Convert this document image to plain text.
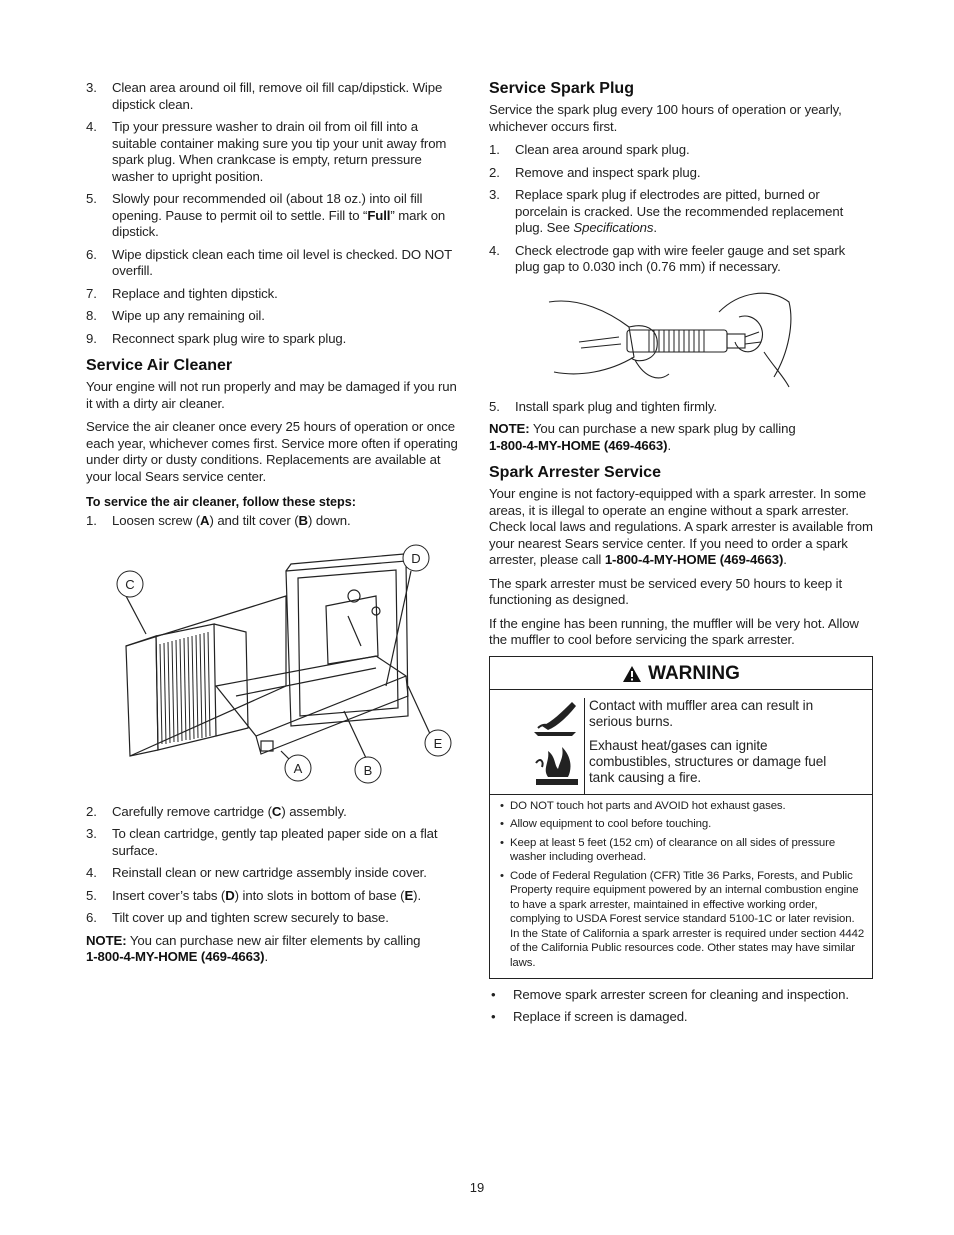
3. Clean area around oil fill, remove oil fill cap/dipstick. Wipe dipstick clean.
4. Tip your pressure washer to drain oil from oil fill into a suitable container making sure you tip your unit away from spark plug. When crankcase is empty, return pressure washer to upright position.
5. Slowly pour recommended oil (about 18 oz.) into oil fill opening. Pause to permit oil to settle. Fill to “Full” mark on dipstick.
6. Wipe dipstick clean each time oil level is checked. DO NOT overfill.
7. Replace and tighten dipstick.
8. Wipe up any remaining oil.
9. Reconnect spark plug wire to spark plug.
Service Air Cleaner

Your engine will not run properly and may be damaged if you run it with a dirty air cleaner.

Service the air cleaner once every 25 hours of operation or once each year, whichever comes first. Service more often if operating under dirty or dusty conditions. Replacements are available at your local Sears service center.

To service the air cleaner, follow these steps:
1. Loosen screw (A) and tilt cover (B) down.
C
D
E
A	B
2. Carefully remove cartridge (C) assembly.
3. To clean cartridge, gently tap pleated paper side on a flat surface.
4. Reinstall clean or new cartridge assembly inside cover.
5. Insert cover’s tabs (D) into slots in bottom of base (E).
6. Tilt cover up and tighten screw securely to base.

NOTE: You can purchase new air filter elements by calling
1-800-4-MY-HOME (469-4663).

Service Spark Plug

Service the spark plug every 100 hours of operation or yearly, whichever occurs first.

1. Clean area around spark plug.
2. Remove and inspect spark plug.
3. Replace spark plug if electrodes are pitted, burned or porcelain is cracked. Use the recommended replacement plug. See Specifications.
4. Check electrode gap with wire feeler gauge and set spark plug gap to 0.030 inch (0.76 mm) if necessary.
5. Install spark plug and tighten firmly.

NOTE: You can purchase a new spark plug by calling
1-800-4-MY-HOME (469-4663).

Spark Arrester Service

Your engine is not factory-equipped with a spark arrester. In some areas, it is illegal to operate an engine without a spark arrester. Check local laws and regulations. A spark arrester is available from your nearest Sears service center. If you need to order a spark arrester, please call 1-800-4-MY-HOME (469-4663).

The spark arrester must be serviced every 50 hours to keep it functioning as designed.

If the engine has been running, the muffler will be very hot. Allow the muffler to cool before servicing the spark arrester.

WARNING

Contact with muffler area can result in serious burns.

Exhaust heat/gases can ignite combustibles, structures or damage fuel tank causing a fire.

• DO NOT touch hot parts and AVOID hot exhaust gases.
• Allow equipment to cool before touching.
• Keep at least 5 feet (152 cm) of clearance on all sides of pressure washer including overhead.
• Code of Federal Regulation (CFR) Title 36 Parks, Forests, and Public Property require equipment powered by an internal combustion engine to have a spark arrester, maintained in effective working order, complying to USDA Forest service standard 5100-1C or later revision. In the State of California a spark arrester is required under section 4442 of the California Public resources code. Other states may have similar laws.
• Remove spark arrester screen for cleaning and inspection.
• Replace if screen is damaged.
19
